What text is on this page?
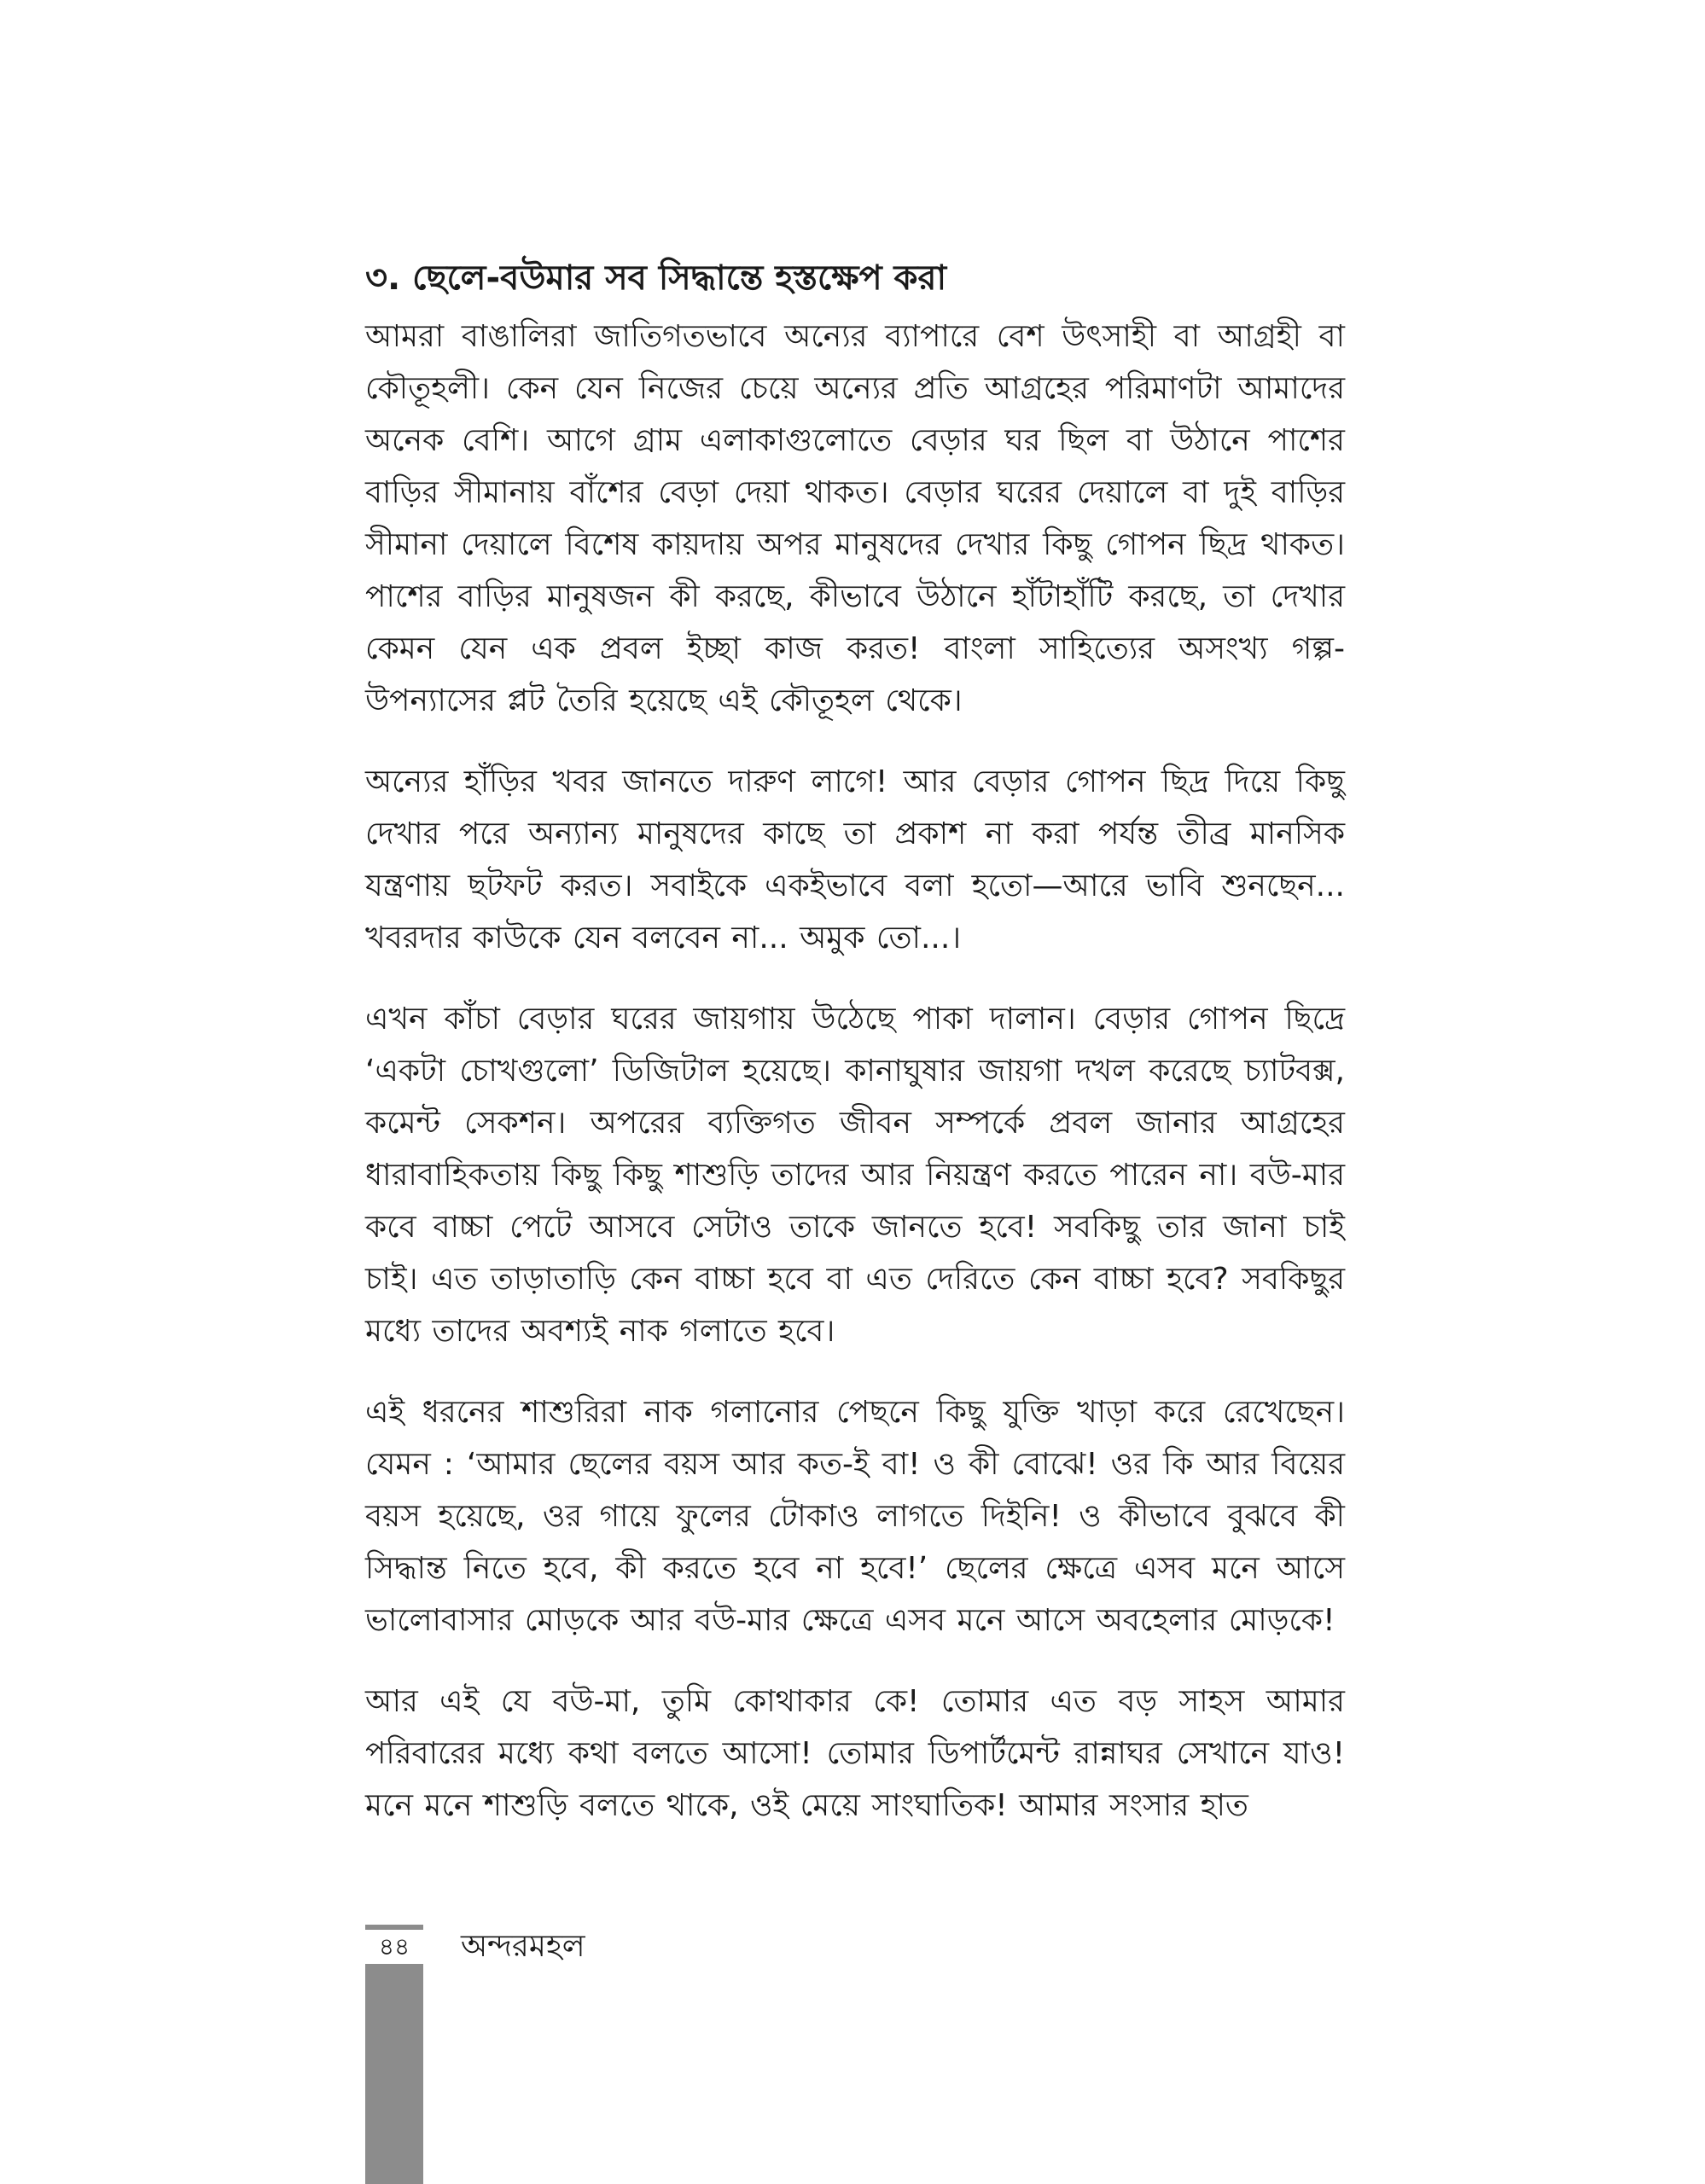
৩. ছেলে-বউমার সব সিদ্ধান্তে হস্তক্ষেপ করা

আমরা বাঙালিরা জাতিগতভাবে অন্যের ব্যাপারে বেশ উৎসাহী বা আগ্রহী বা কৌতূহলী। কেন যেন নিজের চেয়ে অন্যের প্রতি আগ্রহের পরিমাণটা আমাদের অনেক বেশি। আগে গ্রাম এলাকাগুলোতে বেড়ার ঘর ছিল বা উঠানে পাশের বাড়ির সীমানায় বাঁশের বেড়া দেয়া থাকত। বেড়ার ঘরের দেয়ালে বা দুই বাড়ির সীমানা দেয়ালে বিশেষ কায়দায় অপর মানুষদের দেখার কিছু গোপন ছিদ্র থাকত। পাশের বাড়ির মানুষজন কী করছে, কীভাবে উঠানে হাঁটাহাঁটি করছে, তা দেখার কেমন যেন এক প্রবল ইচ্ছা কাজ করত! বাংলা সাহিত্যের অসংখ্য গল্প-উপন্যাসের প্লট তৈরি হয়েছে এই কৌতূহল থেকে।

অন্যের হাঁড়ির খবর জানতে দারুণ লাগে! আর বেড়ার গোপন ছিদ্র দিয়ে কিছু দেখার পরে অন্যান্য মানুষদের কাছে তা প্রকাশ না করা পর্যন্ত তীব্র মানসিক যন্ত্রণায় ছটফট করত। সবাইকে একইভাবে বলা হতো—আরে ভাবি শুনছেন... খবরদার কাউকে যেন বলবেন না... অমুক তো...।

এখন কাঁচা বেড়ার ঘরের জায়গায় উঠেছে পাকা দালান। বেড়ার গোপন ছিদ্রে ‘একটা চোখগুলো’ ডিজিটাল হয়েছে। কানাঘুষার জায়গা দখল করেছে চ্যাটবক্স, কমেন্ট সেকশন। অপরের ব্যক্তিগত জীবন সম্পর্কে প্রবল জানার আগ্রহের ধারাবাহিকতায় কিছু কিছু শাশুড়ি তাদের আর নিয়ন্ত্রণ করতে পারেন না। বউ-মার কবে বাচ্চা পেটে আসবে সেটাও তাকে জানতে হবে! সবকিছু তার জানা চাই চাই। এত তাড়াতাড়ি কেন বাচ্চা হবে বা এত দেরিতে কেন বাচ্চা হবে? সবকিছুর মধ্যে তাদের অবশ্যই নাক গলাতে হবে।

এই ধরনের শাশুরিরা নাক গলানোর পেছনে কিছু যুক্তি খাড়া করে রেখেছেন। যেমন : ‘আমার ছেলের বয়স আর কত-ই বা! ও কী বোঝে! ওর কি আর বিয়ের বয়স হয়েছে, ওর গায়ে ফুলের টোকাও লাগতে দিইনি! ও কীভাবে বুঝবে কী সিদ্ধান্ত নিতে হবে, কী করতে হবে না হবে!’ ছেলের ক্ষেত্রে এসব মনে আসে ভালোবাসার মোড়কে আর বউ-মার ক্ষেত্রে এসব মনে আসে অবহেলার মোড়কে!

আর এই যে বউ-মা, তুমি কোথাকার কে! তোমার এত বড় সাহস আমার পরিবারের মধ্যে কথা বলতে আসো! তোমার ডিপার্টমেন্ট রান্নাঘর সেখানে যাও! মনে মনে শাশুড়ি বলতে থাকে, ওই মেয়ে সাংঘাতিক! আমার সংসার হাত

৪৪	অন্দরমহল
